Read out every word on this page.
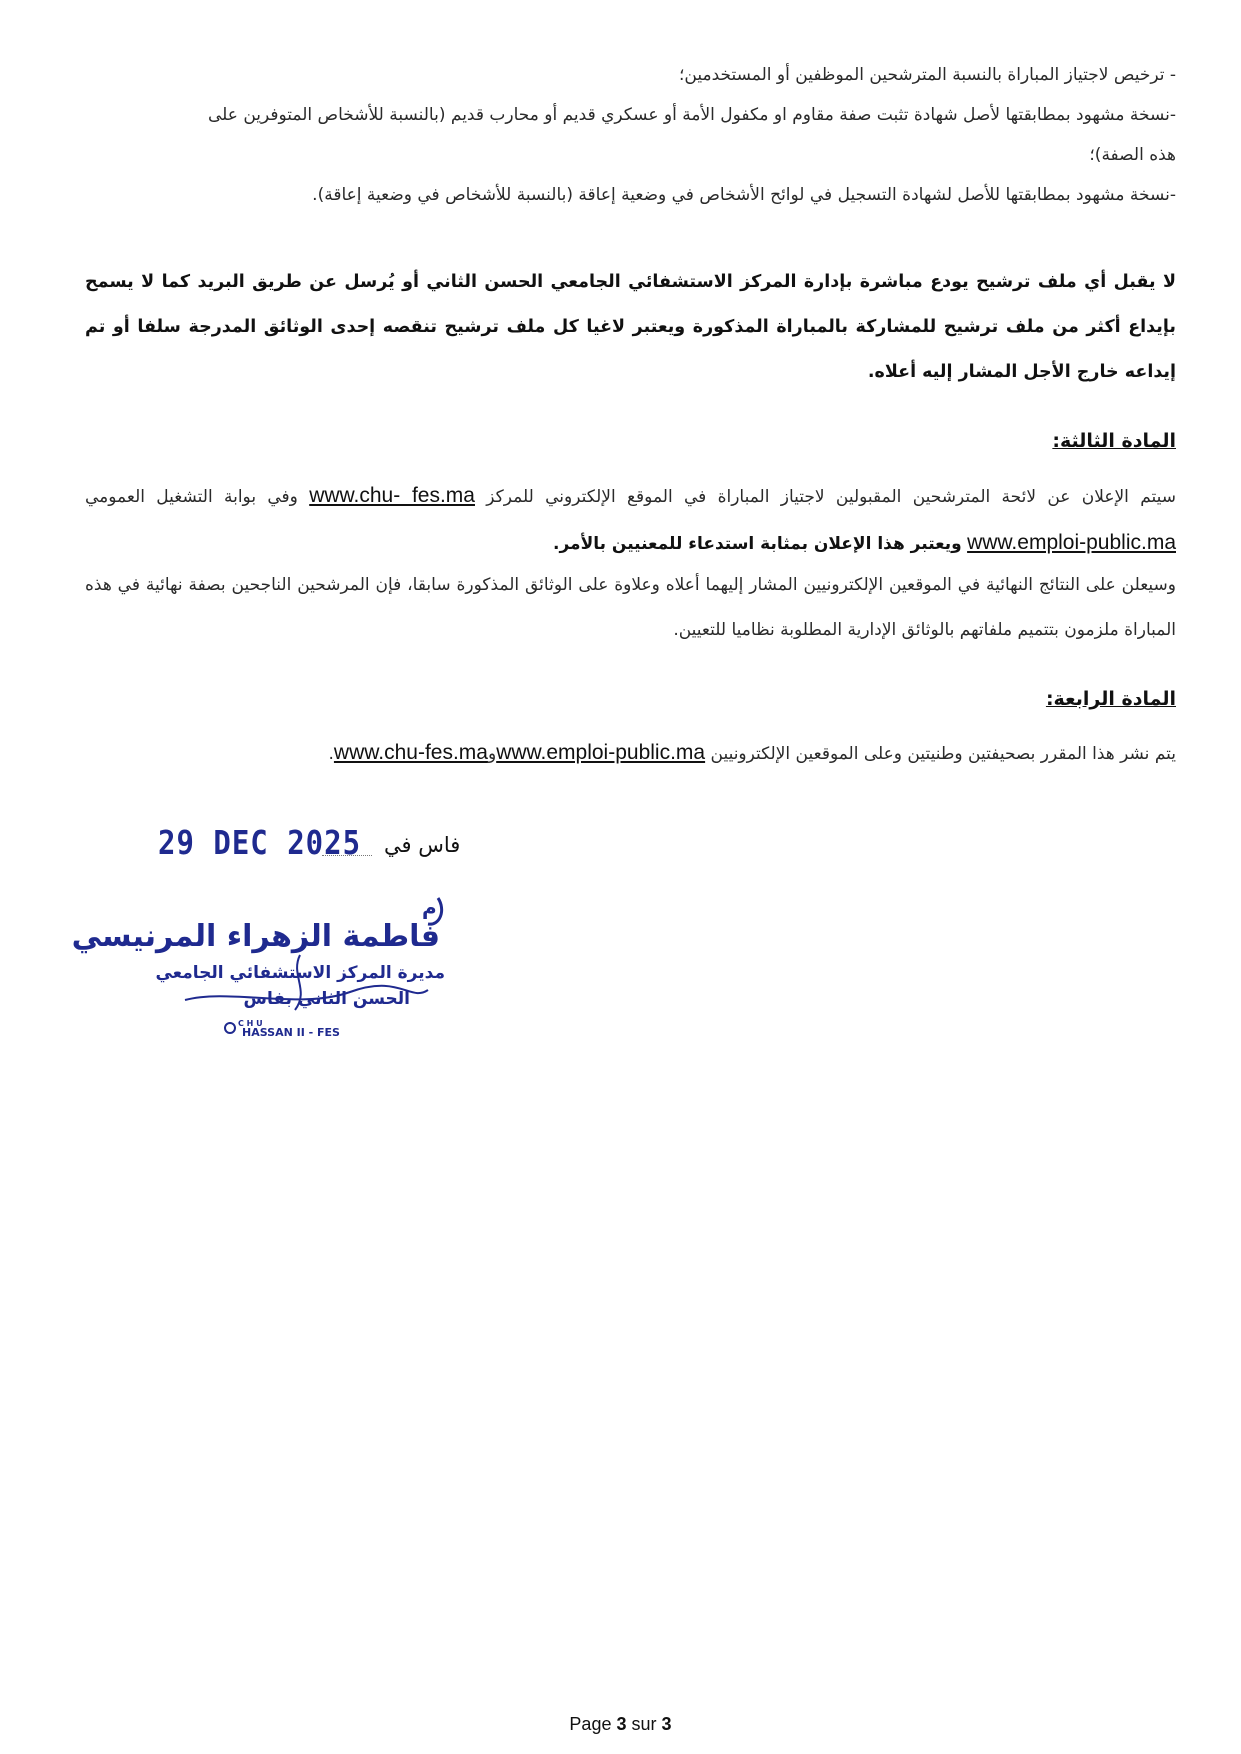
- ترخيص لاجتياز المباراة بالنسبة المترشحين الموظفين أو المستخدمين؛
-نسخة مشهود بمطابقتها لأصل شهادة تثبت صفة مقاوم او مكفول الأمة أو عسكري قديم أو محارب قديم (بالنسبة للأشخاص المتوفرين على
هذه الصفة)؛
-نسخة مشهود بمطابقتها للأصل لشهادة التسجيل في لوائح الأشخاص في وضعية إعاقة (بالنسبة للأشخاص في وضعية إعاقة).
لا يقبل أي ملف ترشيح يودع مباشرة بإدارة المركز الاستشفائي الجامعي الحسن الثاني أو يُرسل عن طريق البريد كما لا يسمح بإيداع أكثر من ملف ترشيح للمشاركة بالمباراة المذكورة ويعتبر لاغيا كل ملف ترشيح تنقصه إحدى الوثائق المدرجة سلفا أو تم إيداعه خارج الأجل المشار إليه أعلاه.
المادة الثالثة:
سيتم الإعلان عن لائحة المترشحين المقبولين لاجتياز المباراة في الموقع الإلكتروني للمركز www.chu- fes.ma وفي بوابة التشغيل العمومي www.emploi-public.ma ويعتبر هذا الإعلان بمثابة استدعاء للمعنيين بالأمر.
وسيعلن على النتائج النهائية في الموقعين الإلكترونيين المشار إليهما أعلاه وعلاوة على الوثائق المذكورة سابقا، فإن المرشحين الناجحين بصفة نهائية في هذه المباراة ملزمون بتتميم ملفاتهم بالوثائق الإدارية المطلوبة نظاميا للتعيين.
المادة الرابعة:
يتم نشر هذا المقرر بصحيفتين وطنيتين وعلى الموقعين الإلكترونيين www.emploi-public.maوwww.chu-fes.ma.
29 DEC 2025 فاس في
م
فاطمة الزهراء المرنيسي
مديرة المركز الاستشفائي الجامعي
الحسن الثاني بفاس
C H U
HASSAN II - FES
Page 3 sur 3
